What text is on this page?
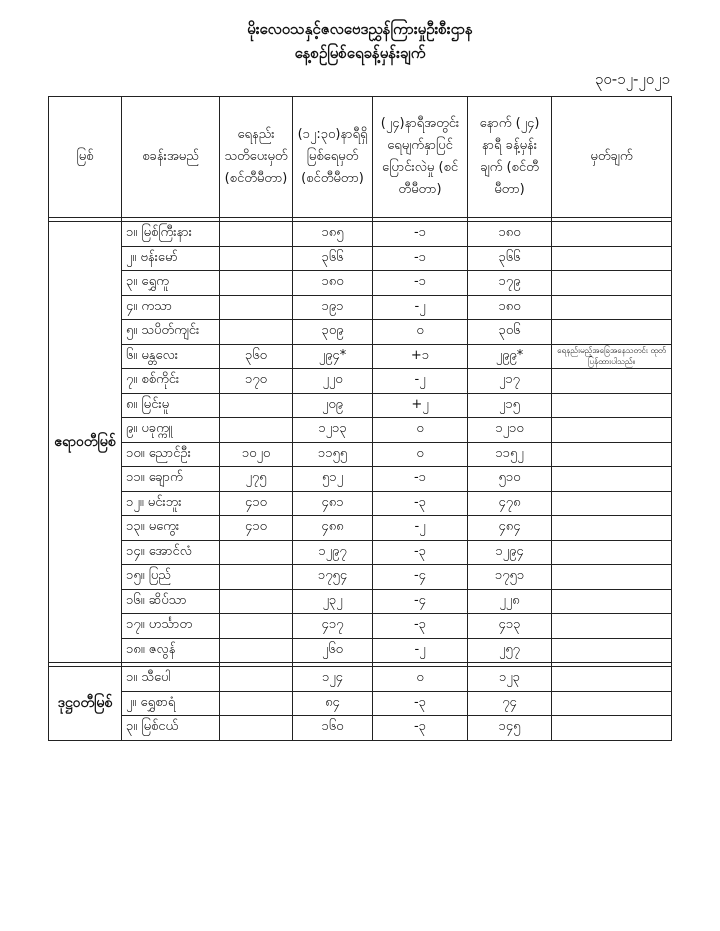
မိုးလေဝသနှင့်ဇလဗေဒညွှန်ကြားမှုဦးစီးဌာန
နေ့စဉ်မြစ်ရေခန့်မှန်းချက်
၃၀-၁၂-၂၀၂၁
မြစ်	စခန်းအမည်	ရေနည်းသတိပေးမှတ် (စင်တီမီတာ)	(၁၂:၃၀)နာရီရှိ မြစ်ရေမှတ် (စင်တီမီတာ)	(၂၄)နာရီအတွင်း ရေမျက်နှာပြင် ပြောင်းလဲမှု (စင်တီမီတာ)	နောက် (၂၄) နာရီ ခန့်မှန်းချက် (စင်တီမီတာ)	မှတ်ချက်

ဧရာဝတီမြစ်	၁။ မြစ်ကြီးနား		၁၈၅	-၁	၁၈၀	
	၂။ ဗန်းမော်		၃၆၆	-၁	၃၆၆	
	၃။ ရွှေကူ		၁၈၀	-၁	၁၇၉	
	၄။ ကသာ		၁၉၁	-၂	၁၈၀	
	၅။ သပိတ်ကျင်း		၃၀၉	၀	၃၀၆	
	၆။ မန္တလေး	၃၆၀	၂၉၄*	+၁	၂၉၉*	ရေနည်းမည့်အခြေအနေသတင်း ထုတ်ပြန်ထားပါသည်။
	၇။ စစ်ကိုင်း	၁၇၀	၂၂၀	-၂	၂၁၇	
	၈။ မြင်းမူ		၂၀၉	+၂	၂၁၅	
	၉။ ပခုက္ကူ		၁၂၁၃	၀	၁၂၁၀	
	၁၀။ ညောင်ဦး	၁၀၂၀	၁၁၅၅	၀	၁၁၅၂	
	၁၁။ ချောက်	၂၇၅	၅၁၂	-၁	၅၁၀	
	၁၂။ မင်းဘူး	၄၁၀	၄၈၁	-၃	၄၇၈	
	၁၃။ မကွေး	၄၁၀	၄၈၈	-၂	၄၈၄	
	၁၄။ အောင်လံ		၁၂၉၇	-၃	၁၂၉၄	
	၁၅။ ပြည်		၁၇၅၄	-၄	၁၇၅၁	
	၁၆။ ဆိပ်သာ		၂၃၂	-၄	၂၂၈	
	၁၇။ ဟင်္သာတ		၄၁၇	-၃	၄၁၃	
	၁၈။ ဇလွန်		၂၆၀	-၂	၂၅၇	

ဒုဋ္ဌဝတီမြစ်	၁။ သီပေါ		၁၂၄	၀	၁၂၃	
	၂။ ရွှေစာရံ		၈၄	-၃	၇၄	
	၃။ မြစ်ငယ်		၁၆၀	-၃	၁၄၅	
